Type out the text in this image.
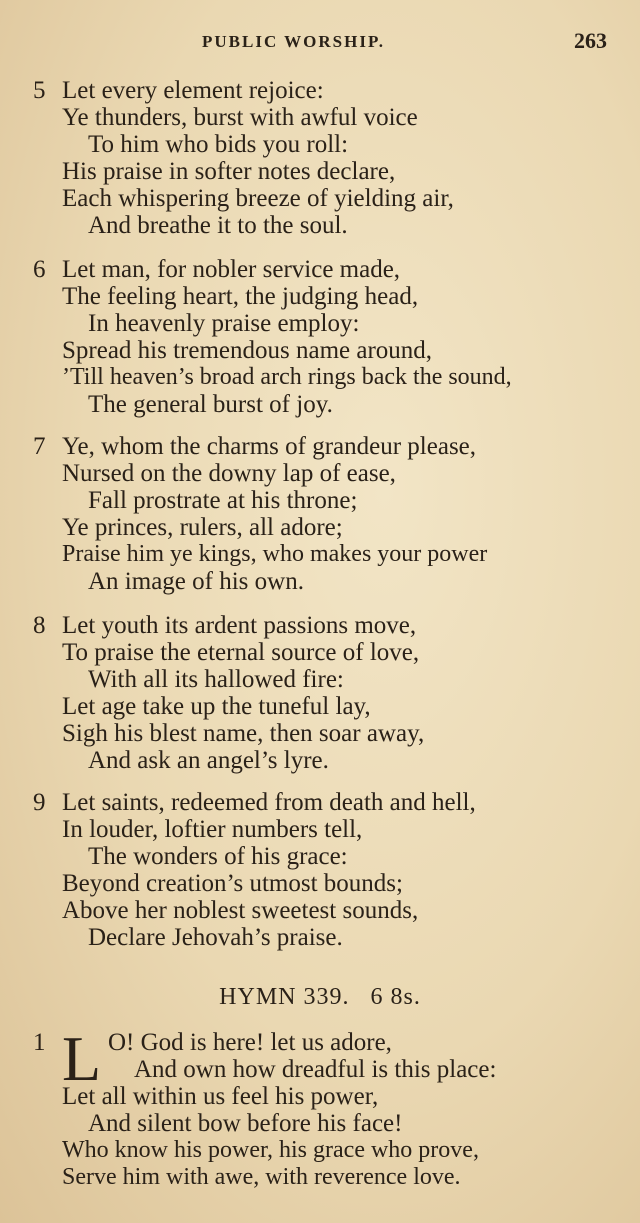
PUBLIC WORSHIP.	263
5 Let every element rejoice:
Ye thunders, burst with awful voice
To him who bids you roll:
His praise in softer notes declare,
Each whispering breeze of yielding air,
And breathe it to the soul.
6 Let man, for nobler service made,
The feeling heart, the judging head,
In heavenly praise employ:
Spread his tremendous name around,
’Till heaven’s broad arch rings back the sound,
The general burst of joy.
7 Ye, whom the charms of grandeur please,
Nursed on the downy lap of ease,
Fall prostrate at his throne;
Ye princes, rulers, all adore;
Praise him ye kings, who makes your power
An image of his own.
8 Let youth its ardent passions move,
To praise the eternal source of love,
With all its hallowed fire:
Let age take up the tuneful lay,
Sigh his blest name, then soar away,
And ask an angel’s lyre.
9 Let saints, redeemed from death and hell,
In louder, loftier numbers tell,
The wonders of his grace:
Beyond creation’s utmost bounds;
Above her noblest sweetest sounds,
Declare Jehovah’s praise.
HYMN 339.   6 8s.
1 L O! God is here! let us adore,
And own how dreadful is this place:
Let all within us feel his power,
And silent bow before his face!
Who know his power, his grace who prove,
Serve him with awe, with reverence love.
